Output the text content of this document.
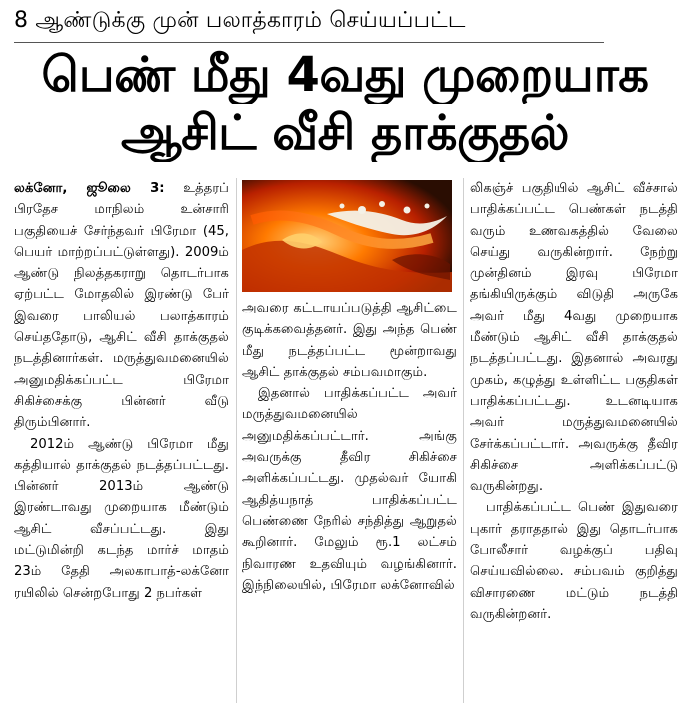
8 ஆண்டுக்கு முன் பலாத்காரம் செய்யப்பட்ட
பெண் மீது 4வது முறையாக
ஆசிட் வீசி தாக்குதல்

லக்னோ, ஜூலை 3: உத்தரப் பிரதேச மாநிலம் உன்சாரி பகுதியைச் சேர்ந்தவர் பிரேமா (45, பெயர் மாற்றப்பட்டுள்ளது). 2009ம் ஆண்டு நிலத்தகராறு தொடர்பாக ஏற்பட்ட மோதலில் இரண்டு பேர் இவரை பாலியல் பலாத்காரம் செய்ததோடு, ஆசிட் வீசி தாக்குதல் நடத்தினார்கள். மருத்துவமனையில் அனுமதிக்கப்பட்ட பிரேமா சிகிச்சைக்கு பின்னர் வீடு திரும்பினார்.

2012ம் ஆண்டு பிரேமா மீது கத்தியால் தாக்குதல் நடத்தப்பட்டது. பின்னர் 2013ம் ஆண்டு இரண்டாவது முறையாக மீண்டும் ஆசிட் வீசப்பட்டது. இது மட்டுமின்றி கடந்த மார்ச் மாதம் 23ம் தேதி அலகாபாத்-லக்னோ ரயிலில் சென்றபோது 2 நபர்கள்

அவரை கட்டாயப்படுத்தி ஆசிட்டை குடிக்கவைத்தனர். இது அந்த பெண் மீது நடத்தப்பட்ட மூன்றாவது ஆசிட் தாக்குதல் சம்பவமாகும்.

இதனால் பாதிக்கப்பட்ட அவர் மருத்துவமனையில் அனுமதிக்கப்பட்டார். அங்கு அவருக்கு தீவிர சிகிச்சை அளிக்கப்பட்டது. முதல்வர் யோகி ஆதித்யநாத் பாதிக்கப்பட்ட பெண்ணை நேரில் சந்தித்து ஆறுதல் கூறினார். மேலும் ரூ.1 லட்சம் நிவாரண உதவியும் வழங்கினார். இந்நிலையில், பிரேமா லக்னோவில்

லிகஞ்ச் பகுதியில் ஆசிட் வீச்சால் பாதிக்கப்பட்ட பெண்கள் நடத்தி வரும் உணவகத்தில் வேலை செய்து வருகின்றார். நேற்று முன்தினம் இரவு பிரேமா தங்கியிருக்கும் விடுதி அருகே அவர் மீது 4வது முறையாக மீண்டும் ஆசிட் வீசி தாக்குதல் நடத்தப்பட்டது. இதனால் அவரது முகம், கழுத்து உள்ளிட்ட பகுதிகள் பாதிக்கப்பட்டது. உடனடியாக அவர் மருத்துவமனையில் சேர்க்கப்பட்டார். அவருக்கு தீவிர சிகிச்சை அளிக்கப்பட்டு வருகின்றது.

பாதிக்கப்பட்ட பெண் இதுவரை புகார் தராததால் இது தொடர்பாக போலீசார் வழக்குப் பதிவு செய்யவில்லை. சம்பவம் குறித்து விசாரணை மட்டும் நடத்தி வருகின்றனர்.
